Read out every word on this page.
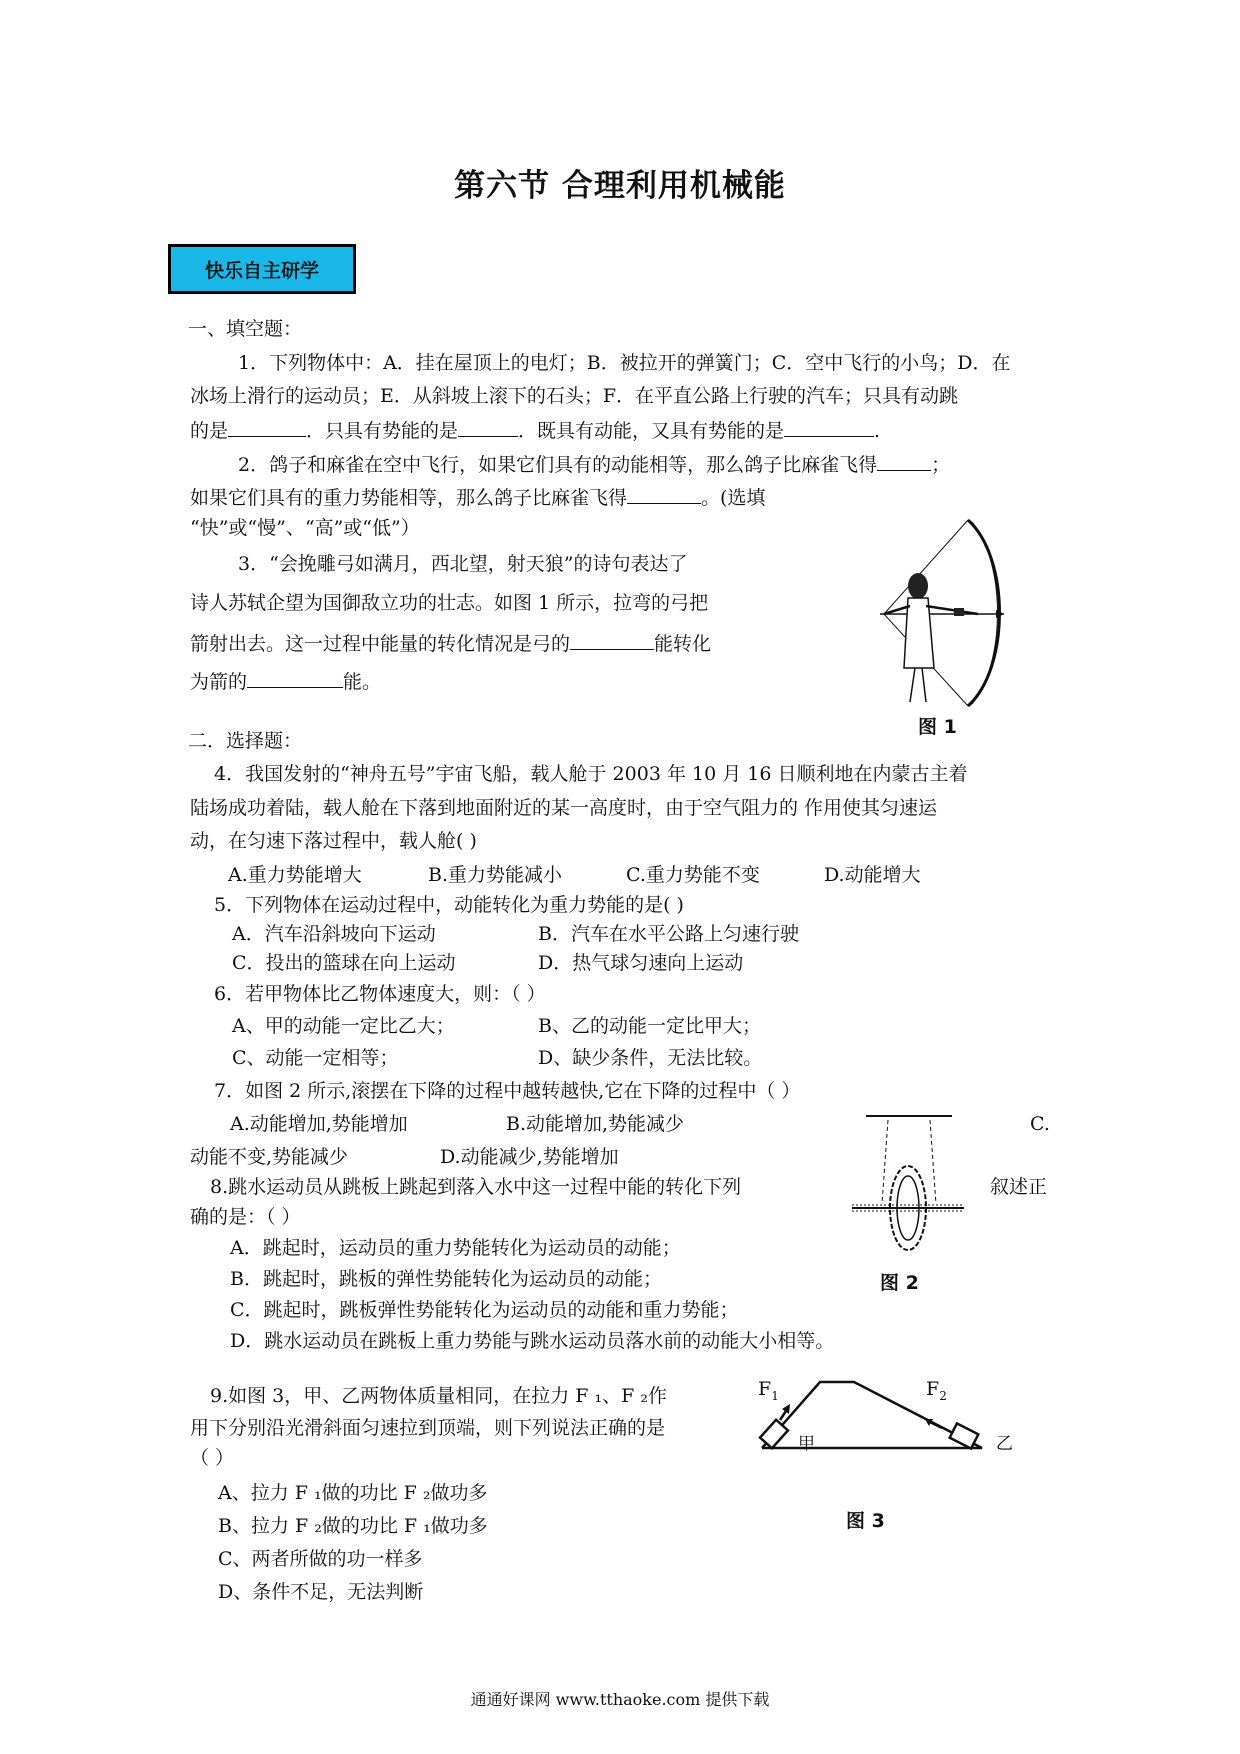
第六节 合理利用机械能
快乐自主研学
一、填空题：
1．下列物体中：A．挂在屋顶上的电灯；B．被拉开的弹簧门；C．空中飞行的小鸟；D．在
冰场上滑行的运动员；E．从斜坡上滚下的石头；F．在平直公路上行驶的汽车；只具有动跳
的是	．只具有势能的是	．既具有动能，又具有势能的是	.
2．鸽子和麻雀在空中飞行，如果它们具有的动能相等，那么鸽子比麻雀飞得	；
如果它们具有的重力势能相等，那么鸽子比麻雀飞得	。(选填
“快”或“慢”、“高”或“低”）
3．“会挽雕弓如满月，西北望，射天狼”的诗句表达了
诗人苏轼企望为国御敌立功的壮志。如图 1 所示，拉弯的弓把
箭射出去。这一过程中能量的转化情况是弓的	能转化
为箭的	能。
图 1
二．选择题：
4．我国发射的“神舟五号”宇宙飞船，载人舱于 2003 年 10 月 16 日顺利地在内蒙古主着
陆场成功着陆，载人舱在下落到地面附近的某一高度时，由于空气阻力的 作用使其匀速运
动，在匀速下落过程中，载人舱( )
A.重力势能增大	B.重力势能减小	C.重力势能不变	D.动能增大
5．下列物体在运动过程中，动能转化为重力势能的是( )
A．汽车沿斜坡向下运动	B．汽车在水平公路上匀速行驶
C．投出的篮球在向上运动	D．热气球匀速向上运动
6．若甲物体比乙物体速度大，则：（ ）
A、甲的动能一定比乙大；	B、乙的动能一定比甲大；
C、动能一定相等；	D、缺少条件，无法比较。
7．如图 2 所示,滚摆在下降的过程中越转越快,它在下降的过程中（ ）
A.动能增加,势能增加	B.动能增加,势能减少	C.
动能不变,势能减少	D.动能减少,势能增加
8.跳水运动员从跳板上跳起到落入水中这一过程中能的转化下列	叙述正
确的是：（ ）
A．跳起时，运动员的重力势能转化为运动员的动能；
B．跳起时，跳板的弹性势能转化为运动员的动能；
C．跳起时，跳板弹性势能转化为运动员的动能和重力势能；
D．跳水运动员在跳板上重力势能与跳水运动员落水前的动能大小相等。
图 2
9.如图 3，甲、乙两物体质量相同，在拉力 F ₁、F ₂作
用下分别沿光滑斜面匀速拉到顶端，则下列说法正确的是
（ ）
A、拉力 F ₁做的功比 F ₂做功多
B、拉力 F ₂做的功比 F ₁做功多
C、两者所做的功一样多
D、条件不足，无法判断
$F_1$	$F_2$
甲	乙
图 3
通通好课网 www.tthaoke.com 提供下载
